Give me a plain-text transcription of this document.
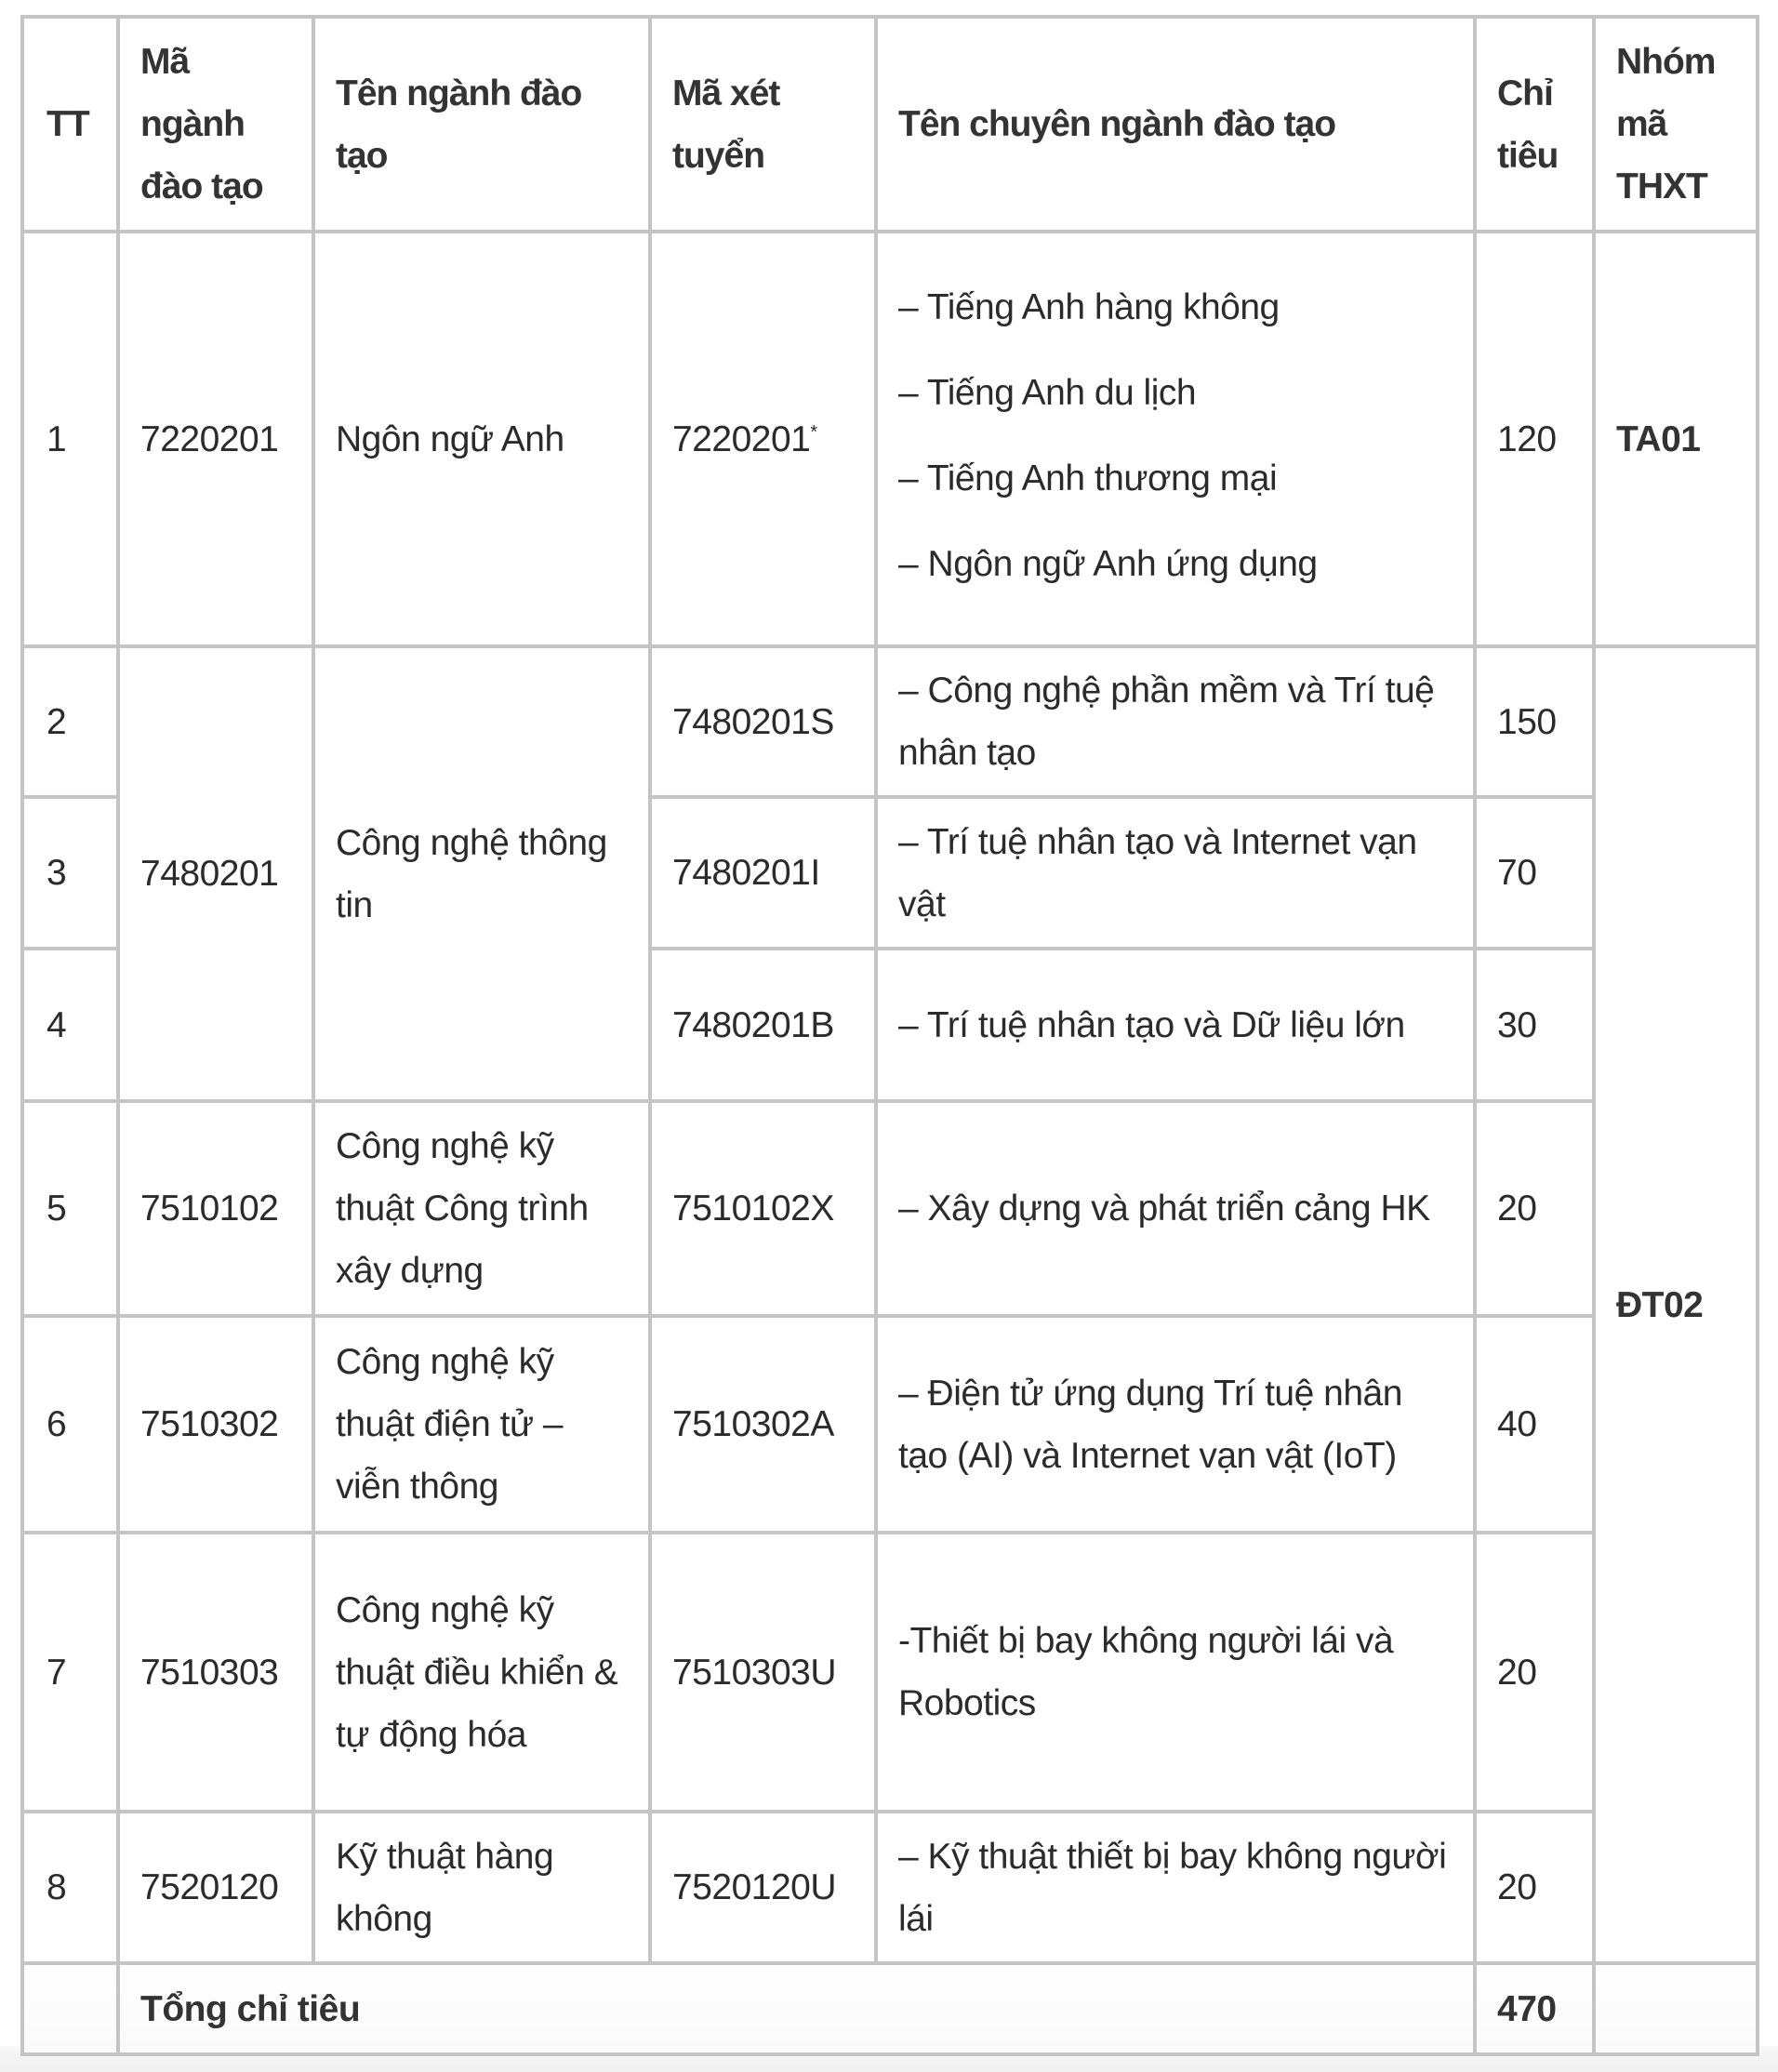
TT	Mã ngành đào tạo	Tên ngành đào tạo	Mã xét tuyển	Tên chuyên ngành đào tạo	Chỉ tiêu	Nhóm mã THXT
1	7220201	Ngôn ngữ Anh	7220201*	– Tiếng Anh hàng không
– Tiếng Anh du lịch
– Tiếng Anh thương mại
– Ngôn ngữ Anh ứng dụng	120	TA01
2	7480201	Công nghệ thông tin	7480201S	– Công nghệ phần mềm và Trí tuệ nhân tạo	150	ĐT02
3			7480201I	– Trí tuệ nhân tạo và Internet vạn vật	70	
4			7480201B	– Trí tuệ nhân tạo và Dữ liệu lớn	30	
5	7510102	Công nghệ kỹ thuật Công trình xây dựng	7510102X	– Xây dựng và phát triển cảng HK	20	
6	7510302	Công nghệ kỹ thuật điện tử – viễn thông	7510302A	– Điện tử ứng dụng Trí tuệ nhân tạo (AI) và Internet vạn vật (IoT)	40	
7	7510303	Công nghệ kỹ thuật điều khiển & tự động hóa	7510303U	-Thiết bị bay không người lái và Robotics	20	
8	7520120	Kỹ thuật hàng không	7520120U	– Kỹ thuật thiết bị bay không người lái	20	
	Tổng chỉ tiêu				470	
